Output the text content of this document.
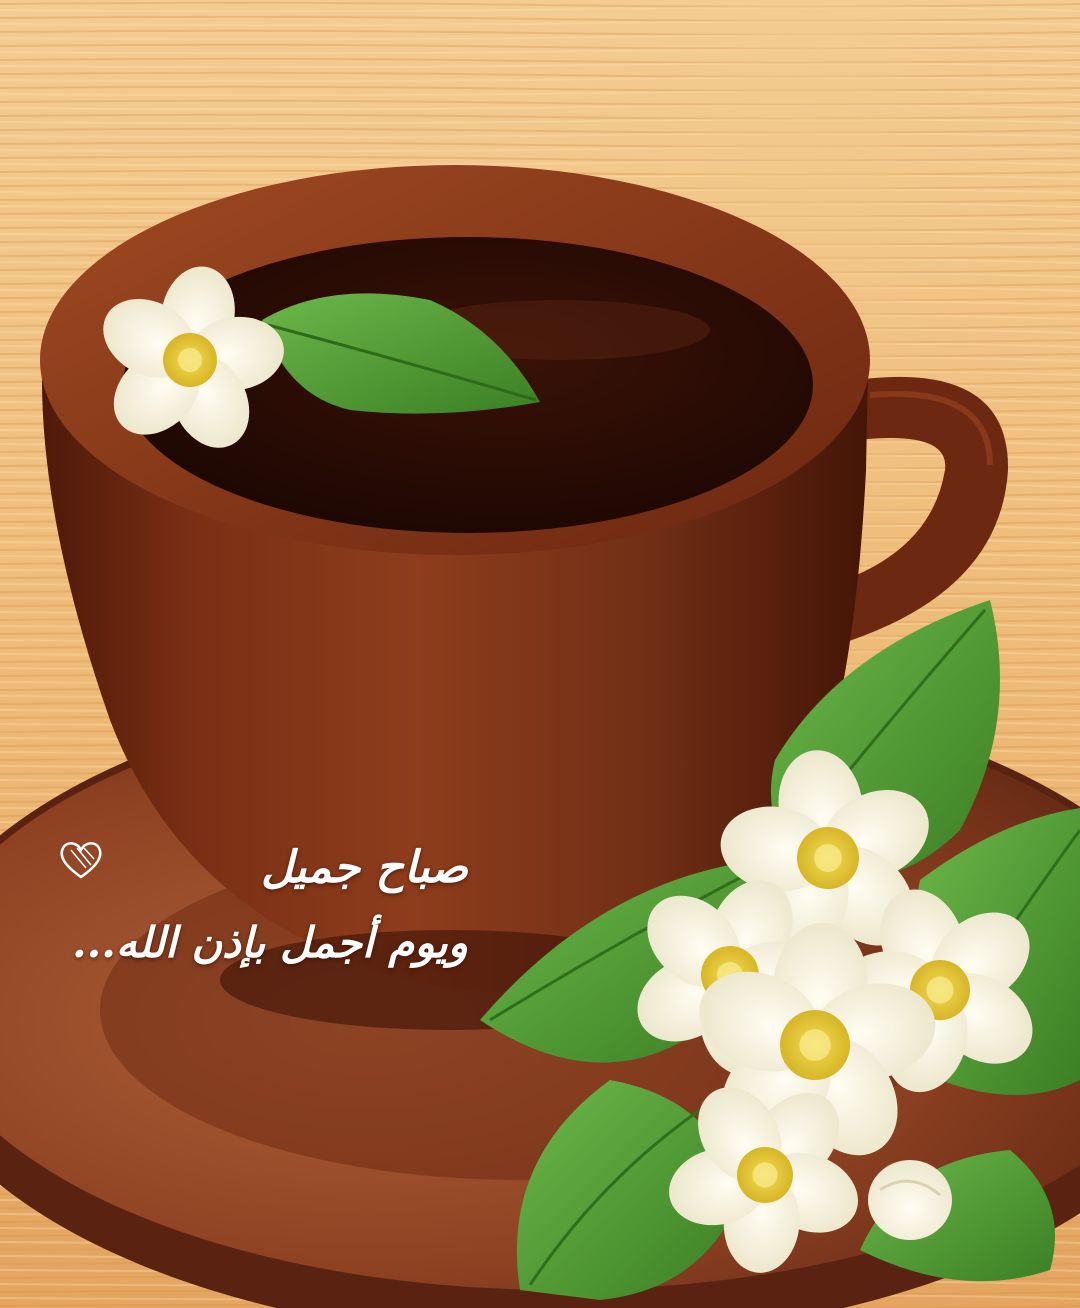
صباح جميل
ويوم أجمل بإذن الله...
